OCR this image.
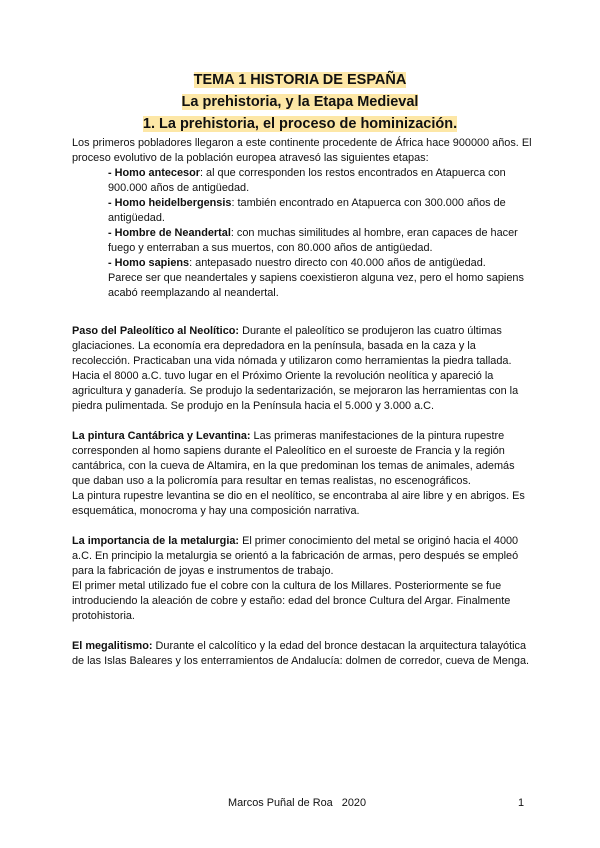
TEMA 1 HISTORIA DE ESPAÑA
La prehistoria, y la Etapa Medieval
1. La prehistoria, el proceso de hominización.

Los primeros pobladores llegaron a este continente procedente de África hace 900000 años. El proceso evolutivo de la población europea atravesó las siguientes etapas:

- Homo antecesor: al que corresponden los restos encontrados en Atapuerca con 900.000 años de antigüedad.
- Homo heidelbergensis: también encontrado en Atapuerca con 300.000 años de antigüedad.
- Hombre de Neandertal: con muchas similitudes al hombre, eran capaces de hacer fuego y enterraban a sus muertos, con 80.000 años de antigüedad.
- Homo sapiens: antepasado nuestro directo con 40.000 años de antigüedad.

Parece ser que neandertales y sapiens coexistieron alguna vez, pero el homo sapiens acabó reemplazando al neandertal.

Paso del Paleolítico al Neolítico: Durante el paleolítico se produjeron las cuatro últimas glaciaciones. La economía era depredadora en la península, basada en la caza y la recolección. Practicaban una vida nómada y utilizaron como herramientas la piedra tallada. Hacia el 8000 a.C. tuvo lugar en el Próximo Oriente la revolución neolítica y apareció la agricultura y ganadería. Se produjo la sedentarización, se mejoraron las herramientas con la piedra pulimentada. Se produjo en la Península hacia el 5.000 y 3.000 a.C.

La pintura Cantábrica y Levantina: Las primeras manifestaciones de la pintura rupestre corresponden al homo sapiens durante el Paleolítico en el suroeste de Francia y la región cantábrica, con la cueva de Altamira, en la que predominan los temas de animales, además que daban uso a la policromía para resultar en temas realistas, no escenográficos.

La pintura rupestre levantina se dio en el neolítico, se encontraba al aire libre y en abrigos. Es esquemática, monocroma y hay una composición narrativa.

La importancia de la metalurgia: El primer conocimiento del metal se originó hacia el 4000 a.C. En principio la metalurgia se orientó a la fabricación de armas, pero después se empleó para la fabricación de joyas e instrumentos de trabajo.

El primer metal utilizado fue el cobre con la cultura de los Millares. Posteriormente se fue introduciendo la aleación de cobre y estaño: edad del bronce Cultura del Argar. Finalmente protohistoria.

El megalitismo: Durante el calcolítico y la edad del bronce destacan la arquitectura talayótica de las Islas Baleares y los enterramientos de Andalucía: dolmen de corredor, cueva de Menga.

Marcos Puñal de Roa   2020	1
